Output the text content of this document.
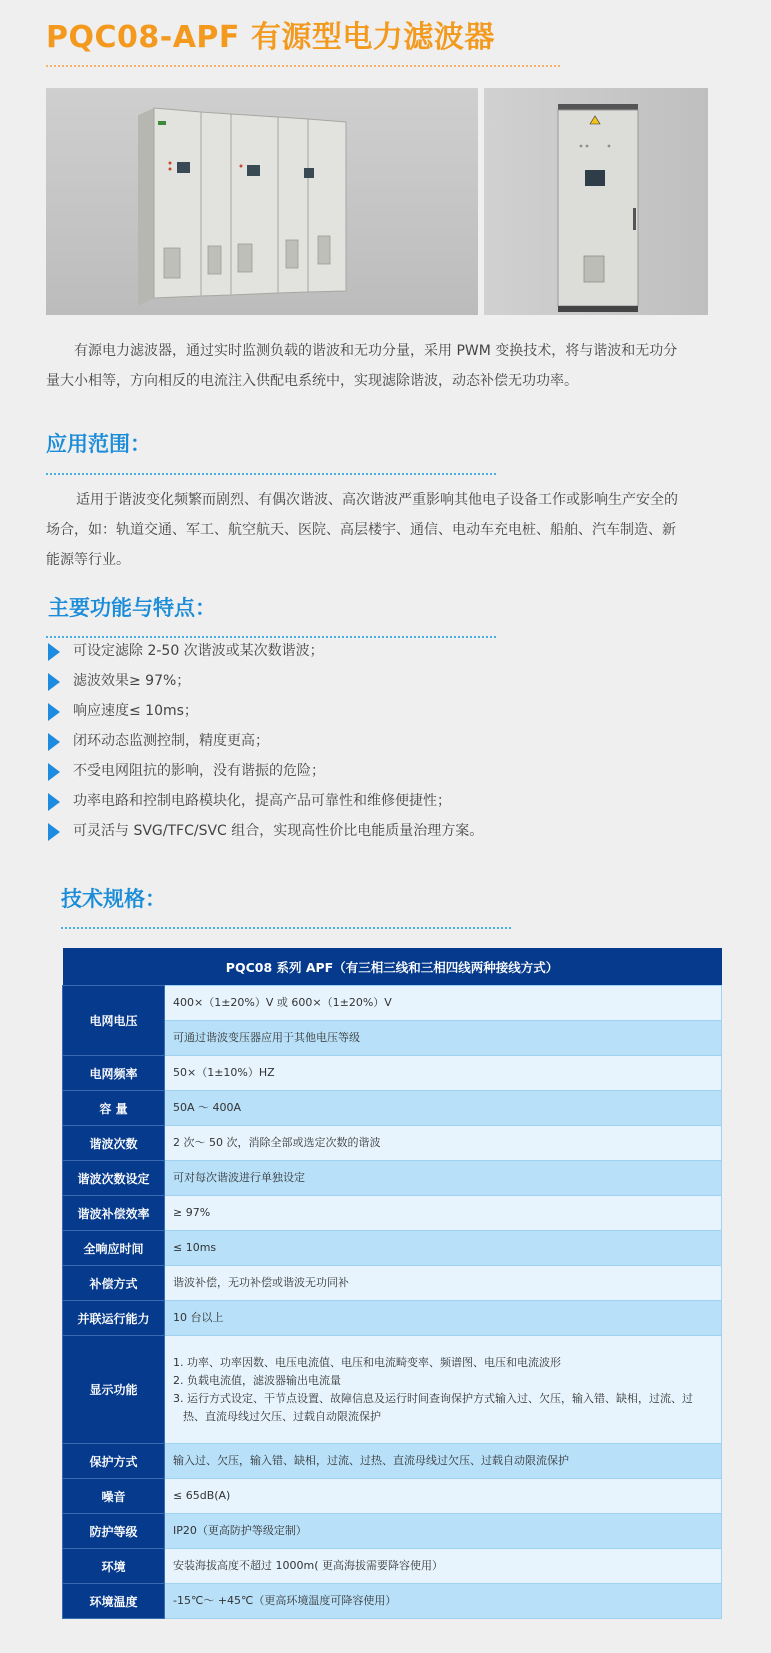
PQC08-APF 有源型电力滤波器

有源电力滤波器，通过实时监测负载的谐波和无功分量，采用 PWM 变换技术，将与谐波和无功分量大小相等，方向相反的电流注入供配电系统中，实现滤除谐波，动态补偿无功功率。

应用范围：

适用于谐波变化频繁而剧烈、有偶次谐波、高次谐波严重影响其他电子设备工作或影响生产安全的场合，如：轨道交通、军工、航空航天、医院、高层楼宇、通信、电动车充电桩、船舶、汽车制造、新能源等行业。

主要功能与特点：
可设定滤除 2-50 次谐波或某次数谐波；
滤波效果≥ 97%；
响应速度≤ 10ms；
闭环动态监测控制，精度更高；
不受电网阻抗的影响，没有谐振的危险；
功率电路和控制电路模块化，提高产品可靠性和维修便捷性；
可灵活与 SVG/TFC/SVC 组合，实现高性价比电能质量治理方案。
技术规格：
PQC08 系列 APF（有三相三线和三相四线两种接线方式）	
电网电压	400×（1±20%）V 或 600×（1±20%）V
	可通过谐波变压器应用于其他电压等级
电网频率	50×（1±10%）HZ
容 量	50A ～ 400A
谐波次数	2 次～ 50 次，消除全部或选定次数的谐波
谐波次数设定	可对每次谐波进行单独设定
谐波补偿效率	≥ 97%
全响应时间	≤ 10ms
补偿方式	谐波补偿，无功补偿或谐波无功同补
并联运行能力	10 台以上
显示功能	1. 功率、功率因数、电压电流值、电压和电流畸变率、频谱图、电压和电流波形
2. 负载电流值，滤波器输出电流量
3. 运行方式设定、干节点设置、故障信息及运行时间查询保护方式输入过、欠压，输入错、缺相，过流、过热、直流母线过欠压、过载自动限流保护

保护方式	输入过、欠压，输入错、缺相，过流、过热、直流母线过欠压、过载自动限流保护
噪音	≤ 65dB(A)
防护等级	IP20（更高防护等级定制）
环境	安装海拔高度不超过 1000m( 更高海拔需要降容使用）
环境温度	-15℃～ +45℃（更高环境温度可降容使用）
